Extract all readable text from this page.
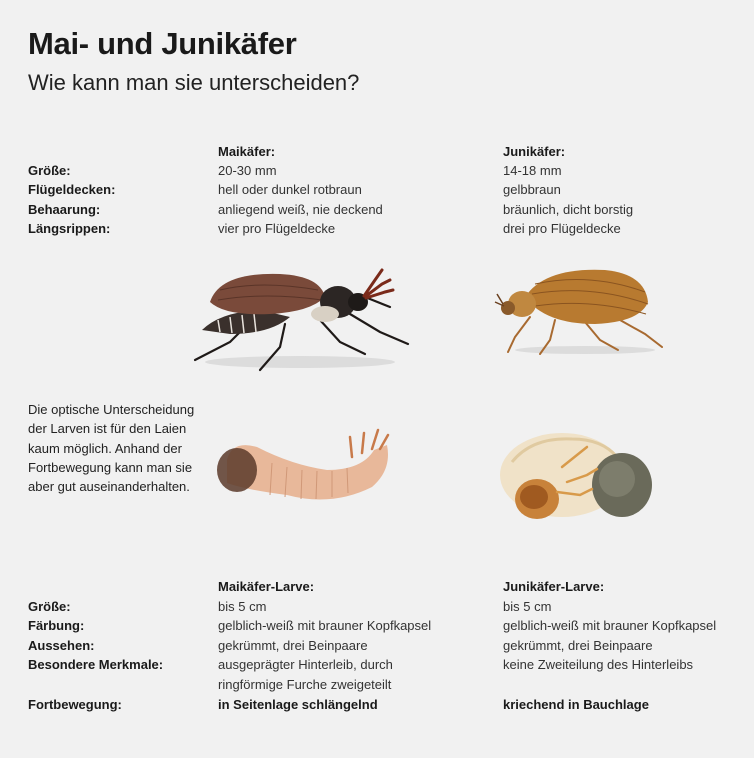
Mai- und Junikäfer
Wie kann man sie unterscheiden?
Maikäfer:	Junikäfer:
Größe:	20-30 mm	14-18 mm
Flügeldecken:	hell oder dunkel rotbraun	gelbbraun
Behaarung:	anliegend weiß, nie deckend	bräunlich, dicht borstig
Längsrippen:	vier pro Flügeldecke	drei pro Flügeldecke
Die optische Unterscheidung der Larven ist für den Laien kaum möglich. Anhand der Fortbewegung kann man sie aber gut auseinanderhalten.
Maikäfer-Larve:	Junikäfer-Larve:
Größe:	bis 5 cm	bis 5 cm
Färbung:	gelblich-weiß mit brauner Kopfkapsel	gelblich-weiß mit brauner Kopfkapsel
Aussehen:	gekrümmt, drei Beinpaare	gekrümmt, drei Beinpaare
Besondere Merkmale:	ausgeprägter Hinterleib, durch	keine Zweiteilung des Hinterleibs
ringförmige Furche zweigeteilt
Fortbewegung:	in Seitenlage schlängelnd	kriechend in Bauchlage
